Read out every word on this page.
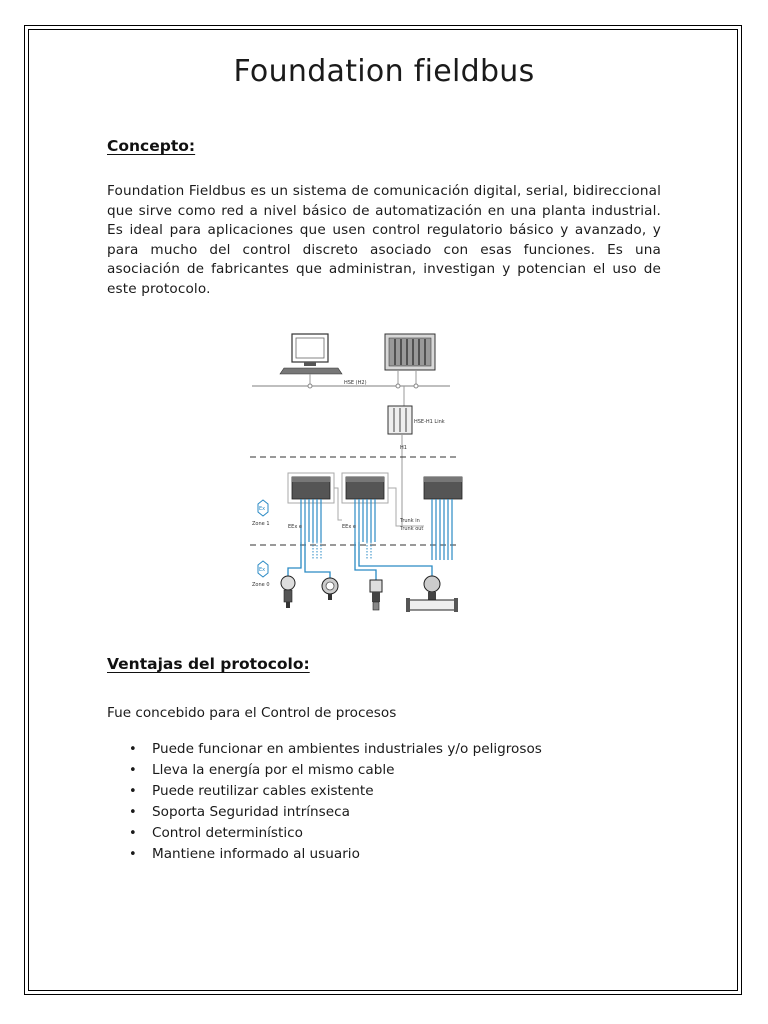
Foundation fieldbus
Concepto:

Foundation Fieldbus es un sistema de comunicación digital, serial, bidireccional que sirve como red a nivel básico de automatización en una planta industrial. Es ideal para aplicaciones que usen control regulatorio básico y avanzado, y para mucho del control discreto asociado con esas funciones. Es una asociación de fabricantes que administran, investigan y potencian el uso de este protocolo.

HSE (H2)
HSE-H1 Link
H1
Ex
Zone 1
Ex
Zone 0
EEx e	EEx e
Trunk in
Trunk out
Ventajas del protocolo:

Fue concebido para el Control de procesos

• Puede funcionar en ambientes industriales y/o peligrosos
• Lleva la energía por el mismo cable
• Puede reutilizar cables existente
• Soporta Seguridad intrínseca
• Control determinístico
• Mantiene informado al usuario
